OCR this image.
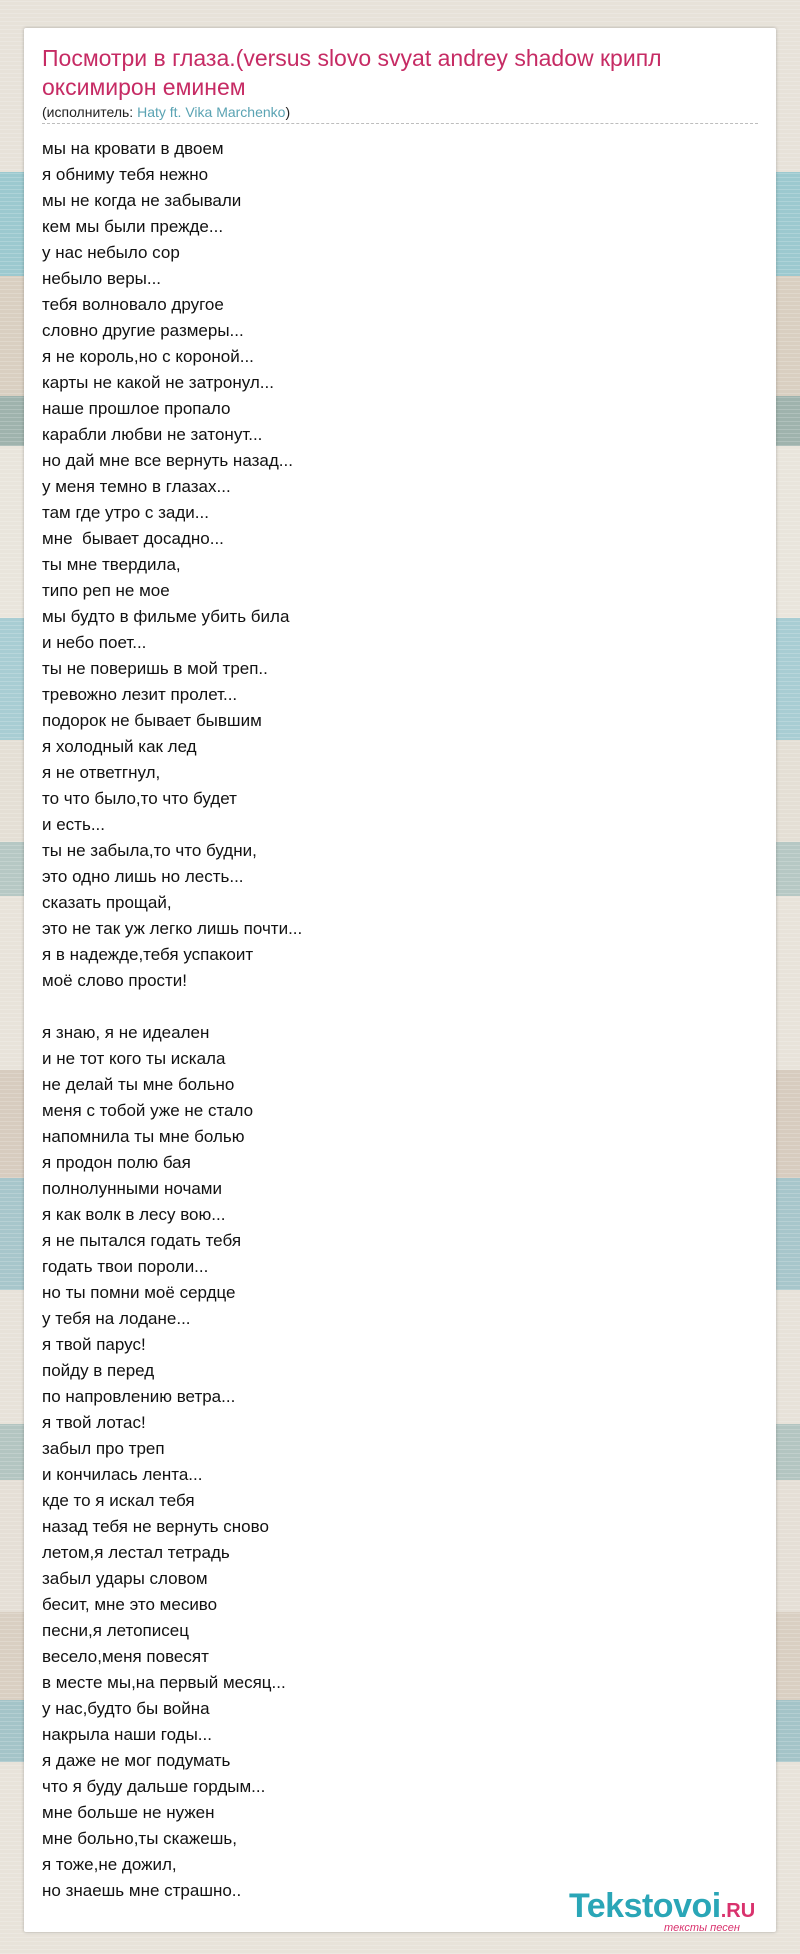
Посмотри в глаза.(versus slovo svyat andrey shadow крипл оксимирон еминем
(исполнитель: Haty ft. Vika Marchenko)
мы на кровати в двоем
я обниму тебя нежно
мы не когда не забывали
кем мы были прежде...
у нас небыло сор
небыло веры...
тебя волновало другое
словно другие размеры...
я не король,но с короной...
карты не какой не затронул...
наше прошлое пропало
карабли любви не затонут...
но дай мне все вернуть назад...
у меня темно в глазах...
там где утро с зади...
мне  бывает досадно...
ты мне твердила,
типо реп не мое
мы будто в фильме убить била
и небо поет...
ты не поверишь в мой треп..
тревожно лезит пролет...
подорок не бывает бывшим
я холодный как лед
я не ответгнул,
то что было,то что будет
и есть...
ты не забыла,то что будни,
это одно лишь но лесть...
сказать прощай,
это не так уж легко лишь почти...
я в надежде,тебя успакоит
моё слово прости!
я знаю, я не идеален
и не тот кого ты искала
не делай ты мне больно
меня с тобой уже не стало
напомнила ты мне болью
я продон полю бая
полнолунными ночами
я как волк в лесу вою...
я не пытался годать тебя
годать твои пороли...
но ты помни моё сердце
у тебя на лодане...
я твой парус!
пойду в перед
по напровлению ветра...
я твой лотас!
забыл про треп
и кончилась лента...
кде то я искал тебя
назад тебя не вернуть сново
летом,я лестал тетрадь
забыл удары словом
бесит, мне это месиво
песни,я летописец
весело,меня повесят
в месте мы,на первый месяц...
у нас,будто бы война
накрыла наши годы...
я даже не мог подумать
что я буду дальше гордым...
мне больше не нужен
мне больно,ты скажешь,
я тоже,не дожил,
но знаешь мне страшно..	Tekstovoi.RU
тексты песен
